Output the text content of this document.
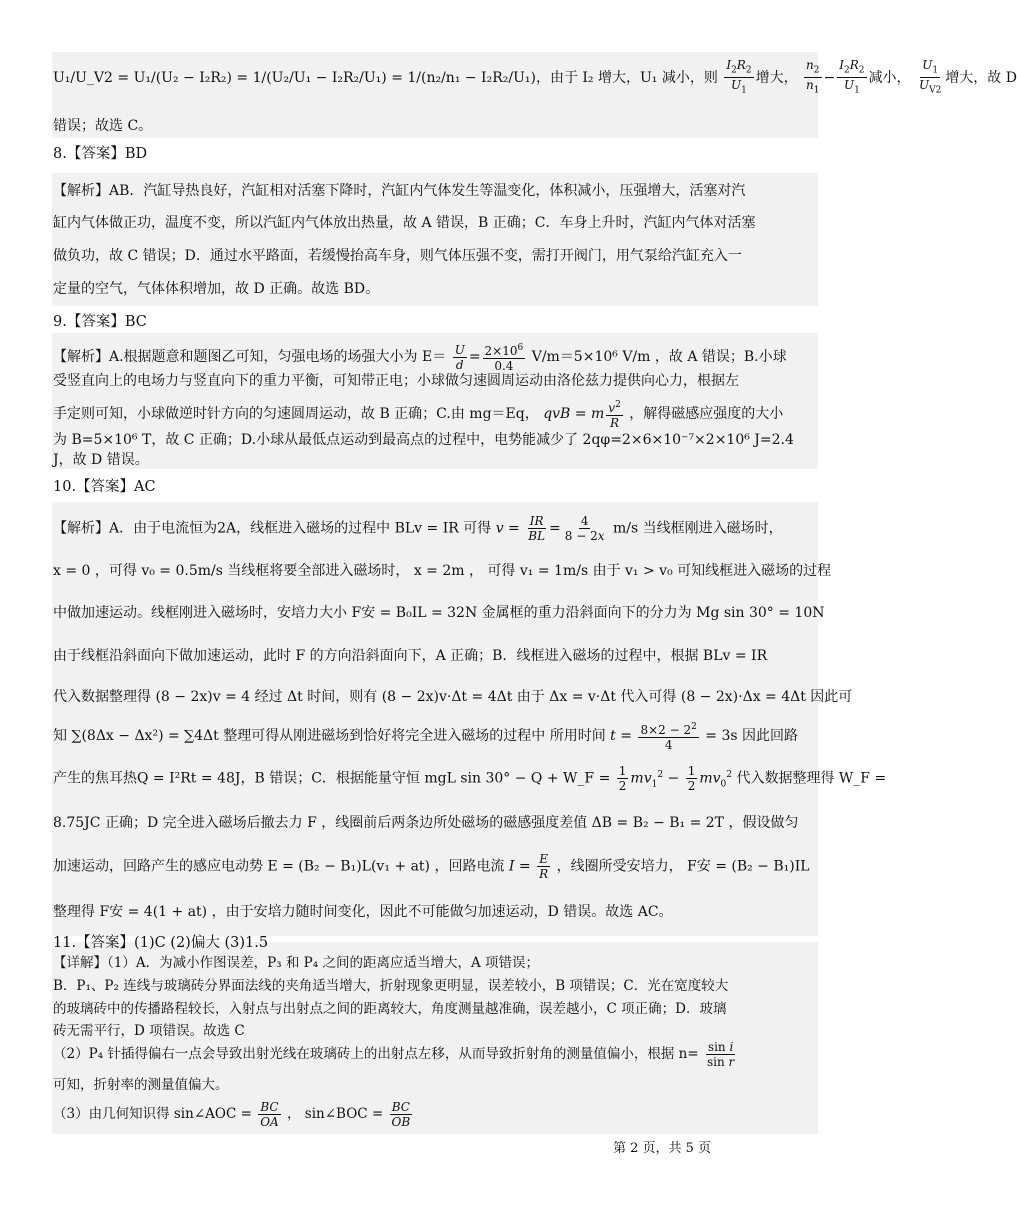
U₁/U_V2 = U₁/(U₂ − I₂R₂) = 1/(U₂/U₁ − I₂R₂/U₁) = 1/(n₂/n₁ − I₂R₂/U₁)，由于 I₂ 增大，U₁ 减小，则 $\frac{I_2R_2}{U_1}$ 增大， $\frac{n_2}{n_1} - \frac{I_2R_2}{U_1}$ 减小， $\frac{U_1}{U_{V2}}$ 增大，故 D
错误；故选 C。
8.【答案】BD
【解析】AB．汽缸导热良好，汽缸相对活塞下降时，汽缸内气体发生等温变化，体积减小，压强增大，活塞对汽
缸内气体做正功，温度不变，所以汽缸内气体放出热量，故 A 错误，B 正确；C．车身上升时，汽缸内气体对活塞
做负功，故 C 错误；D．通过水平路面，若缓慢抬高车身，则气体压强不变，需打开阀门，用气泵给汽缸充入一
定量的空气，气体体积增加，故 D 正确。故选 BD。
9.【答案】BC
【解析】A.根据题意和题图乙可知，匀强电场的场强大小为 $E= \frac{U}{d} = \frac{2\times 10^6}{0.4} V/m=5\times 10^6$ V/m ，故 A 错误；B.小球
受竖直向上的电场力与竖直向下的重力平衡，可知带正电；小球做匀速圆周运动由洛伦兹力提供向心力，根据左
手定则可知，小球做逆时针方向的匀速圆周运动，故 B 正确；C.由 mg＝Eq， qvB = m $\frac{v^2}{R}$ ，解得磁感应强度的大小
为 B=5×10⁶ T，故 C 正确；D.小球从最低点运动到最高点的过程中，电势能减少了 2qφ=2×6×10⁻⁷×2×10⁶ J=2.4
J，故 D 错误。
10.【答案】AC
【解析】A．由于电流恒为2A，线框进入磁场的过程中 BLv = IR 可得 $v = \frac{IR}{BL} = \frac{4}{8 - 2x} m/s$ 当线框刚进入磁场时，
x = 0 ，可得 v₀ = 0.5m/s 当线框将要全部进入磁场时， x = 2m ， 可得 v₁ = 1m/s 由于 v₁ > v₀ 可知线框进入磁场的过程
中做加速运动。线框刚进入磁场时，安培力大小 F安 = B₀IL = 32N 金属框的重力沿斜面向下的分力为 Mg sin 30° = 10N
由于线框沿斜面向下做加速运动，此时 F 的方向沿斜面向下，A 正确；B．线框进入磁场的过程中，根据 BLv = IR
代入数据整理得 (8 − 2x)v = 4 经过 Δt 时间，则有 (8 − 2x)v·Δt = 4Δt 由于 Δx = v·Δt 代入可得 (8 − 2x)·Δx = 4Δt 因此可
知 ∑(8Δx − Δx²) = ∑4Δt 整理可得从刚进磁场到恰好将完全进入磁场的过程中 所用时间 $t = \frac{8\times 2 - 2^2}{4} = 3s$ 因此回路
产生的焦耳热Q = I²Rt = 48J，B 错误；C．根据能量守恒 mgL sin 30° − Q + W_F = $\frac{1}{2} mv_1^2 - \frac{1}{2} mv_0^2$ 代入数据整理得 W_F =
8.75JC 正确；D 完全进入磁场后撤去力 F ，线圈前后两条边所处磁场的磁感强度差值 ΔB = B₂ − B₁ = 2T ，假设做匀
加速运动，回路产生的感应电动势 E = (B₂ − B₁)L(v₁ + at) ，回路电流 $I = \frac{E}{R}$ ，线圈所受安培力， F安 = (B₂ − B₁)IL
整理得 F安 = 4(1 + at) ，由于安培力随时间变化，因此不可能做匀加速运动，D 错误。故选 AC。
11.【答案】(1)C (2)偏大 (3)1.5
【详解】（1）A．为减小作图误差，P₃ 和 P₄ 之间的距离应适当增大，A 项错误；
B．P₁、P₂ 连线与玻璃砖分界面法线的夹角适当增大，折射现象更明显，误差较小，B 项错误；C．光在宽度较大
的玻璃砖中的传播路程较长，入射点与出射点之间的距离较大，角度测量越准确，误差越小，C 项正确；D．玻璃
砖无需平行，D 项错误。故选 C
（2）P₄ 针插得偏右一点会导致出射光线在玻璃砖上的出射点左移，从而导致折射角的测量值偏小，根据 $n= \frac{\text{sin i}}{\text{sin r}}$
可知，折射率的测量值偏大。
（3）由几何知识得 sin∠AOC = $\frac{BC}{OA}$ ， sin∠BOC = $\frac{BC}{OB}$
第 2 页，共 5 页
